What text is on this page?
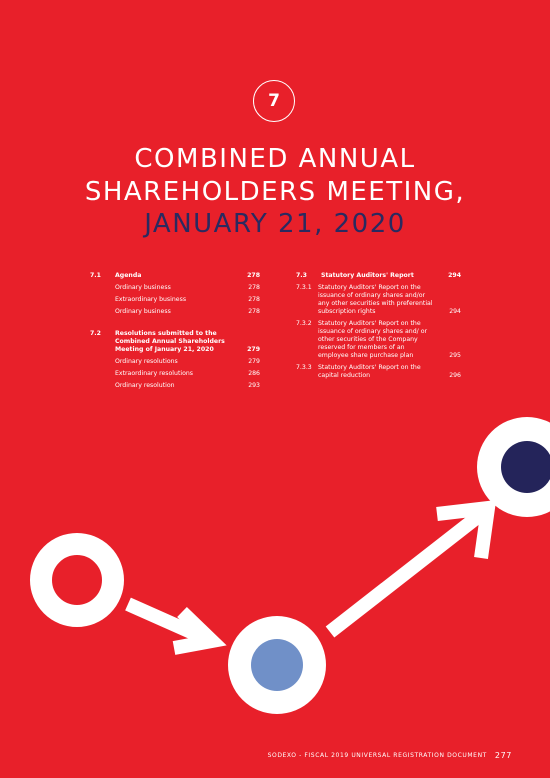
7
COMBINED ANNUAL
SHAREHOLDERS MEETING,
JANUARY 21, 2020
7.1	Agenda	278
Ordinary business	278
Extraordinary business	278
Ordinary business	278
7.2	Resolutions submitted to the Combined Annual Shareholders Meeting of January 21, 2020	279
Ordinary resolutions	279
Extraordinary resolutions	286
Ordinary resolution	293
7.3	Statutory Auditors' Report	294
7.3.1	Statutory Auditors' Report on the issuance of ordinary shares and/or any other securities with preferential subscription rights	294
7.3.2	Statutory Auditors' Report on the issuance of ordinary shares and/ or other securities of the Company reserved for members of an employee share purchase plan	295
7.3.3	Statutory Auditors' Report on the capital reduction	296
SODEXO - FISCAL 2019 UNIVERSAL REGISTRATION DOCUMENT 277
